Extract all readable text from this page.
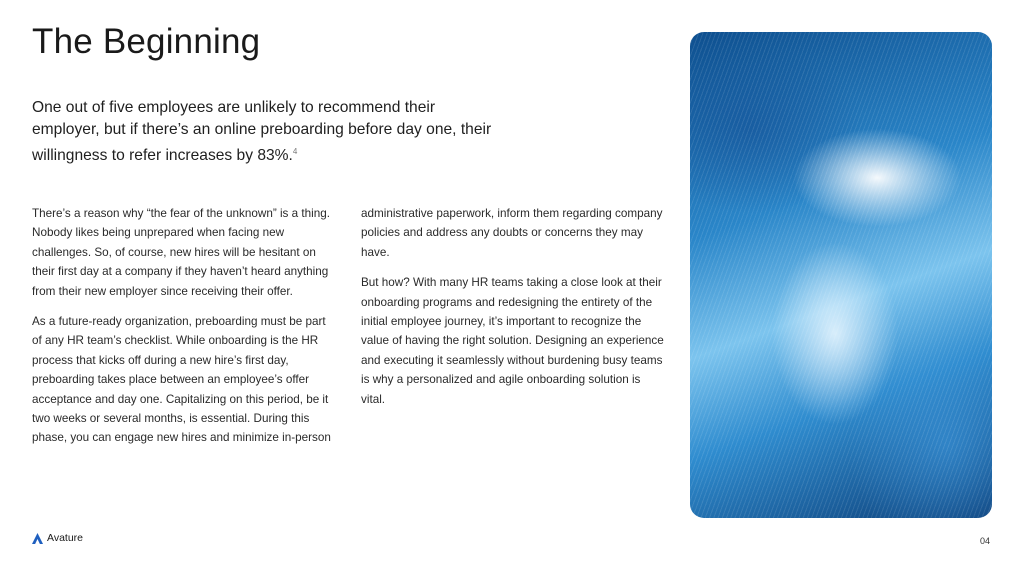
The Beginning

One out of five employees are unlikely to recommend their employer, but if there’s an online preboarding before day one, their willingness to refer increases by 83%.$^4$

There’s a reason why “the fear of the unknown” is a thing. Nobody likes being unprepared when facing new challenges. So, of course, new hires will be hesitant on their first day at a company if they haven’t heard anything from their new employer since receiving their offer.

As a future-ready organization, preboarding must be part of any HR team’s checklist. While onboarding is the HR process that kicks off during a new hire’s first day, preboarding takes place between an employee’s offer acceptance and day one. Capitalizing on this period, be it two weeks or several months, is essential. During this phase, you can engage new hires and minimize in-person

administrative paperwork, inform them regarding company policies and address any doubts or concerns they may have.

But how? With many HR teams taking a close look at their onboarding programs and redesigning the entirety of the initial employee journey, it’s important to recognize the value of having the right solution. Designing an experience and executing it seamlessly without burdening busy teams is why a personalized and agile onboarding solution is vital.

Avature	04
